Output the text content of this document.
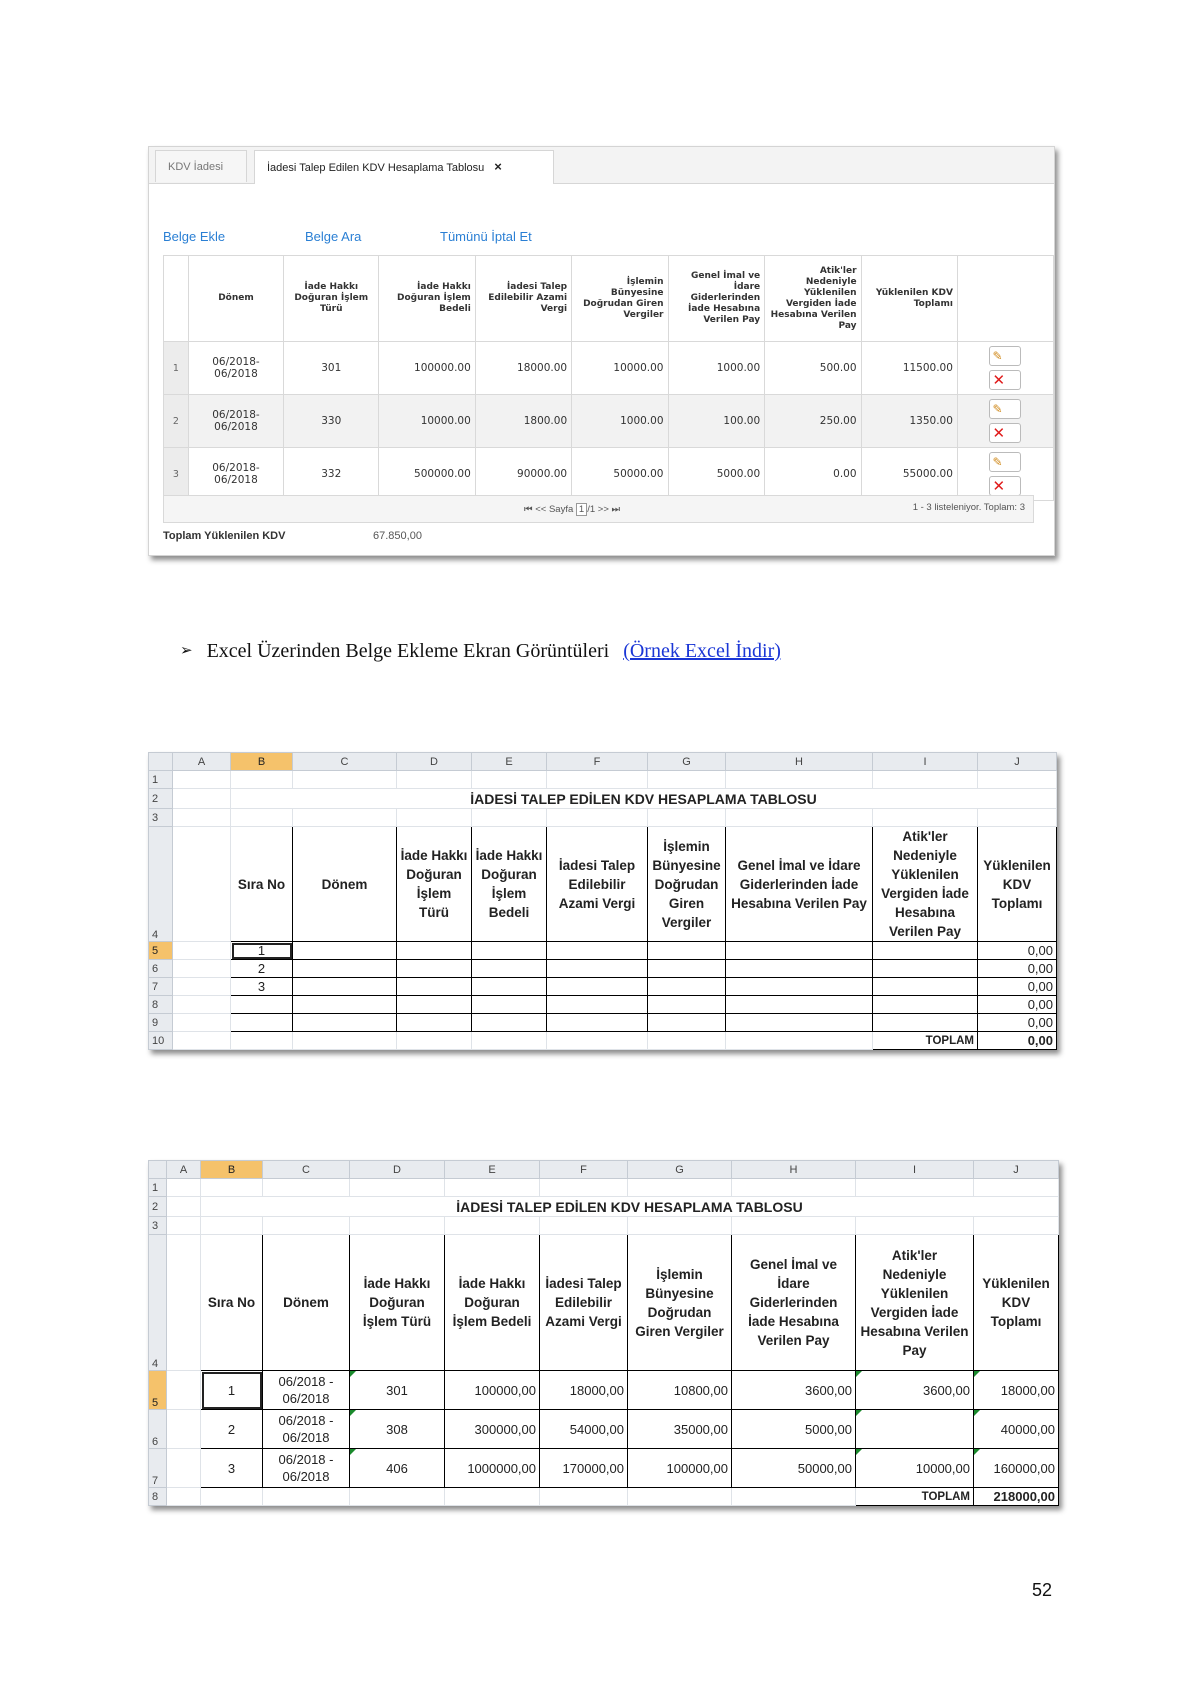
KDV İadesi	İadesi Talep Edilen KDV Hesaplama Tablosu ×
Belge Ekle	Belge Ara	Tümünü İptal Et
	Dönem	İade Hakkı Doğuran İşlem Türü	İade Hakkı Doğuran İşlem Bedeli	İadesi Talep Edilebilir Azami Vergi	İşlemin Bünyesine Doğrudan Giren Vergiler	Genel İmal ve İdare Giderlerinden İade Hesabına Verilen Pay	Atik'ler Nedeniyle Yüklenilen Vergiden İade Hesabına Verilen Pay	Yüklenilen KDV Toplamı	
1	06/2018-06/2018	301	100000.00	18000.00	10000.00	1000.00	500.00	11500.00	✎

✕

2	06/2018-06/2018	330	10000.00	1800.00	1000.00	100.00	250.00	1350.00	✎

✕

3	06/2018-06/2018	332	500000.00	90000.00	50000.00	5000.00	0.00	55000.00	✎

✕
⏮ << Sayfa 1 /1 >> ⏭	1 - 3 listeleniyor. Toplam: 3
Toplam Yüklenilen KDV	67.850,00
➢ Excel Üzerinden Belge Ekleme Ekran Görüntüleri (Örnek Excel İndir)
	A	B	C	D	E	F	G	H	I	J
1										
2		İADESİ TALEP EDİLEN KDV HESAPLAMA TABLOSU								
3										
4		Sıra No	Dönem	İade Hakkı Doğuran İşlem Türü	İade Hakkı Doğuran İşlem Bedeli	İadesi Talep Edilebilir Azami Vergi	İşlemin Bünyesine Doğrudan Giren Vergiler	Genel İmal ve İdare Giderlerinden İade Hesabına Verilen Pay	Atik'ler Nedeniyle Yüklenilen Vergiden İade Hesabına Verilen Pay	Yüklenilen KDV Toplamı
5		1								0,00
6		2								0,00
7		3								0,00
8										0,00
9										0,00
10									TOPLAM	0,00
	A	B	C	D	E	F	G	H	I	J
1										
2		İADESİ TALEP EDİLEN KDV HESAPLAMA TABLOSU								
3										
4		Sıra No	Dönem	İade Hakkı Doğuran İşlem Türü	İade Hakkı Doğuran İşlem Bedeli	İadesi Talep Edilebilir Azami Vergi	İşlemin Bünyesine Doğrudan Giren Vergiler	Genel İmal ve İdare Giderlerinden İade Hesabına Verilen Pay	Atik'ler Nedeniyle Yüklenilen Vergiden İade Hesabına Verilen Pay	Yüklenilen KDV Toplamı
5		1	06/2018 - 06/2018	301	100000,00	18000,00	10800,00	3600,00	3600,00	18000,00
6		2	06/2018 - 06/2018	308	300000,00	54000,00	35000,00	5000,00		40000,00
7		3	06/2018 - 06/2018	406	1000000,00	170000,00	100000,00	50000,00	10000,00	160000,00
8									TOPLAM	218000,00
52
